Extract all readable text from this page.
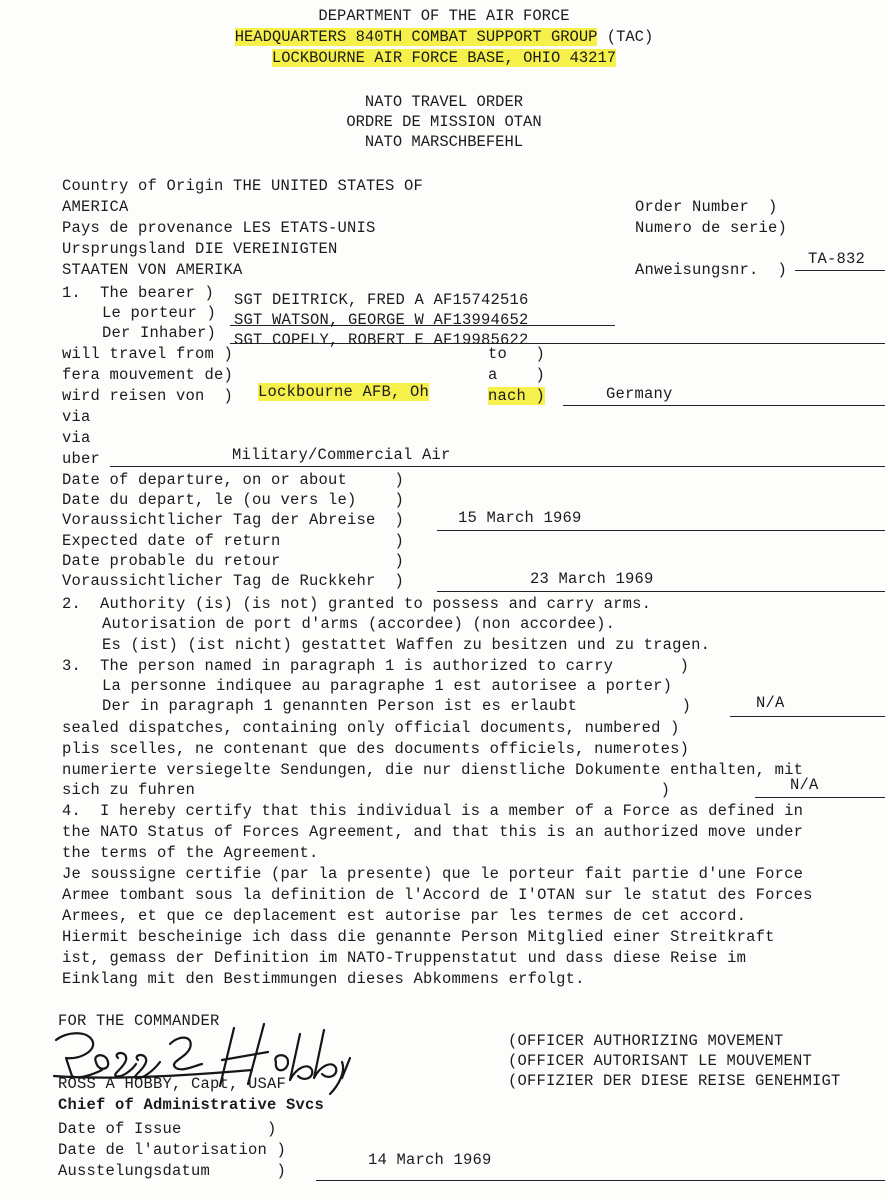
DEPARTMENT OF THE AIR FORCE
HEADQUARTERS 840TH COMBAT SUPPORT GROUP (TAC)
LOCKBOURNE AIR FORCE BASE, OHIO 43217
NATO TRAVEL ORDER
ORDRE DE MISSION OTAN
NATO MARSCHBEFEHL
Country of Origin THE UNITED STATES OF
AMERICA
Pays de provenance LES ETATS-UNIS
Ursprungsland DIE VEREINIGTEN
STAATEN VON AMERIKA
Order Number  )
Numero de serie)
Anweisungsnr.  )
TA-832
1.  The bearer )
Le porteur )
Der Inhaber)
SGT DEITRICK, FRED A AF15742516
SGT WATSON, GEORGE W AF13994652
SGT COPELY, ROBERT E AF19985622
will travel from )
fera mouvement de)
wird reisen von  ) Lockbourne AFB, Oh
to   )
a    )
nach )	Germany
via
via
uber	Military/Commercial Air
Date of departure, on or about     )
Date du depart, le (ou vers le)    )
Voraussichtlicher Tag der Abreise  )	15 March 1969
Expected date of return            )
Date probable du retour            )
Voraussichtlicher Tag de Ruckkehr  )	23 March 1969
2.  Authority (is) (is not) granted to possess and carry arms.
Autorisation de port d'arms (accordee) (non accordee).
Es (ist) (ist nicht) gestattet Waffen zu besitzen und zu tragen.
3.  The person named in paragraph 1 is authorized to carry       )
La personne indiquee au paragraphe 1 est autorisee a porter)
Der in paragraph 1 genannten Person ist es erlaubt           )	N/A
sealed dispatches, containing only official documents, numbered )
plis scelles, ne contenant que des documents officiels, numerotes)
numerierte versiegelte Sendungen, die nur dienstliche Dokumente enthalten, mit
sich zu fuhren                                                 )	N/A
4.  I hereby certify that this individual is a member of a Force as defined in
the NATO Status of Forces Agreement, and that this is an authorized move under
the terms of the Agreement.
Je soussigne certifie (par la presente) que le porteur fait partie d'une Force
Armee tombant sous la definition de l'Accord de I'OTAN sur le statut des Forces
Armees, et que ce deplacement est autorise par les termes de cet accord.
Hiermit bescheinige ich dass die genannte Person Mitglied einer Streitkraft
ist, gemass der Definition im NATO-Truppenstatut und dass diese Reise im
Einklang mit den Bestimmungen dieses Abkommens erfolgt.
FOR THE COMMANDER
ROSS A HOBBY, Capt, USAF
Chief of Administrative Svcs
(OFFICER AUTHORIZING MOVEMENT
(OFFICER AUTORISANT LE MOUVEMENT
(OFFIZIER DER DIESE REISE GENEHMIGT
Date of Issue         )
Date de l'autorisation )
Ausstelungsdatum       )
14 March 1969
